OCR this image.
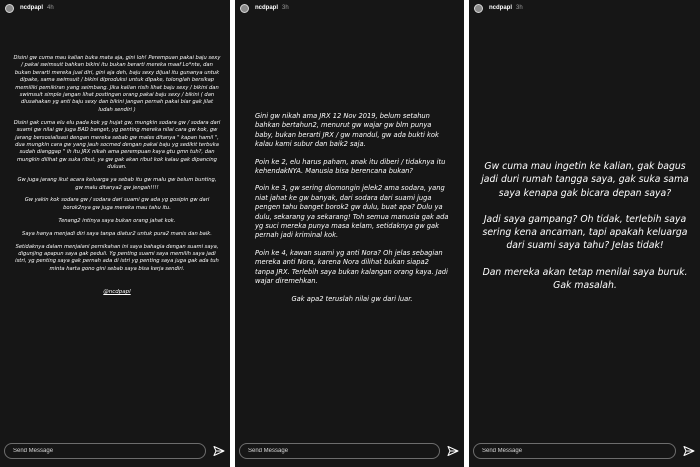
ncdpapl 4h

Disini gw cuma mau kalian buka mata aja, gini loh! Perempuan pakai baju sexy / pakai swimsuit bahkan bikini itu bukan berarti mereka maaf Lo*nte, dan bukan berarti mereka jual diri, gini aja deh, baju sexy dijual itu gunanya untuk dipake, sama swimsuit / bikini diproduksi untuk dipake, tolonglah bersikap memiliki pemikiran yang seimbang. Jika kalian risih lihat baju sexy / bikini dan swimsuit simple jangan lihat postingan orang pakai baju sexy / bikini ( dan diusahakan yg anti baju sexy dan bikini jangan pernah pakai biar gak jilat ludah sendiri )

Disini gak cuma elu elu pada kok yg hujat gw, mungkin sodara gw / sodara dari suami gw nilai gw juga BAD banget, yg penting mereka nilai cara gw kok, gw jarang bersosialisasi dengan mereka sebab gw males ditanya " kapan hamil ", dua mungkin cara gw yang jauh socmed dengan pakai baju yg sedikit terbuka sudah dianggap " ih itu JRX nikah ama perempuan kaya gtu gmn tuh?, dan mungkin dilihat gw suka ribut, ya gw gak akan ribut kok kalau gak dipancing duluan.

Gw juga jarang ikut acara keluarga ya sebab itu gw malu gw belum bunting, gw malu ditanya2 gw jengah!!!!

Gw yakin kok sodara gw / sodara dari suami gw ada yg gosipin gw dari borok2nya gw juga mereka mau tahu itu.

Tenang2 intinya saya bukan orang jahat kok.

Saya hanya menjadi diri saya tanpa diatur2 untuk pura2 manis dan baik.

Setidaknya dalam menjalani pernikahan ini saya bahagia dengan suami saya, digunjing apapun saya gak peduli. Yg penting suami saya memilih saya jadi istri, yg penting saya gak pernah ada di istri yg penting saya juga gak ada tuh minta harta gono gini sebab saya bisa kerja sendiri.

@ncdpapl
Send Message
ncdpapl 3h

Gini gw nikah ama JRX 12 Nov 2019, belum setahun bahkan bertahun2, menurut gw wajar gw blm punya baby, bukan berarti JRX / gw mandul, gw ada bukti kok kalau kami subur dan baik2 saja.

Poin ke 2, elu harus paham, anak itu diberi / tidaknya itu kehendakNYA. Manusia bisa berencana bukan?

Poin ke 3, gw sering diomongin jelek2 ama sodara, yang niat jahat ke gw banyak, dari sodara dari suami juga pengen tahu banget borok2 gw dulu, buat apa? Dulu ya dulu, sekarang ya sekarang! Toh semua manusia gak ada yg suci mereka punya masa kelam, setidaknya gw gak pernah jadi kriminal kok.

Poin ke 4, kawan suami yg anti Nora? Oh jelas sebagian mereka anti Nora, karena Nora dilihat bukan siapa2 tanpa JRX. Terlebih saya bukan kalangan orang kaya. Jadi wajar diremehkan.

Gak apa2 teruslah nilai gw dari luar.

Send Message
ncdpapl 3h

Gw cuma mau ingetin ke kalian, gak bagus jadi duri rumah tangga saya, gak suka sama saya kenapa gak bicara depan saya?

Jadi saya gampang? Oh tidak, terlebih saya sering kena ancaman, tapi apakah keluarga dari suami saya tahu? Jelas tidak!

Dan mereka akan tetap menilai saya buruk. Gak masalah.

Send Message
